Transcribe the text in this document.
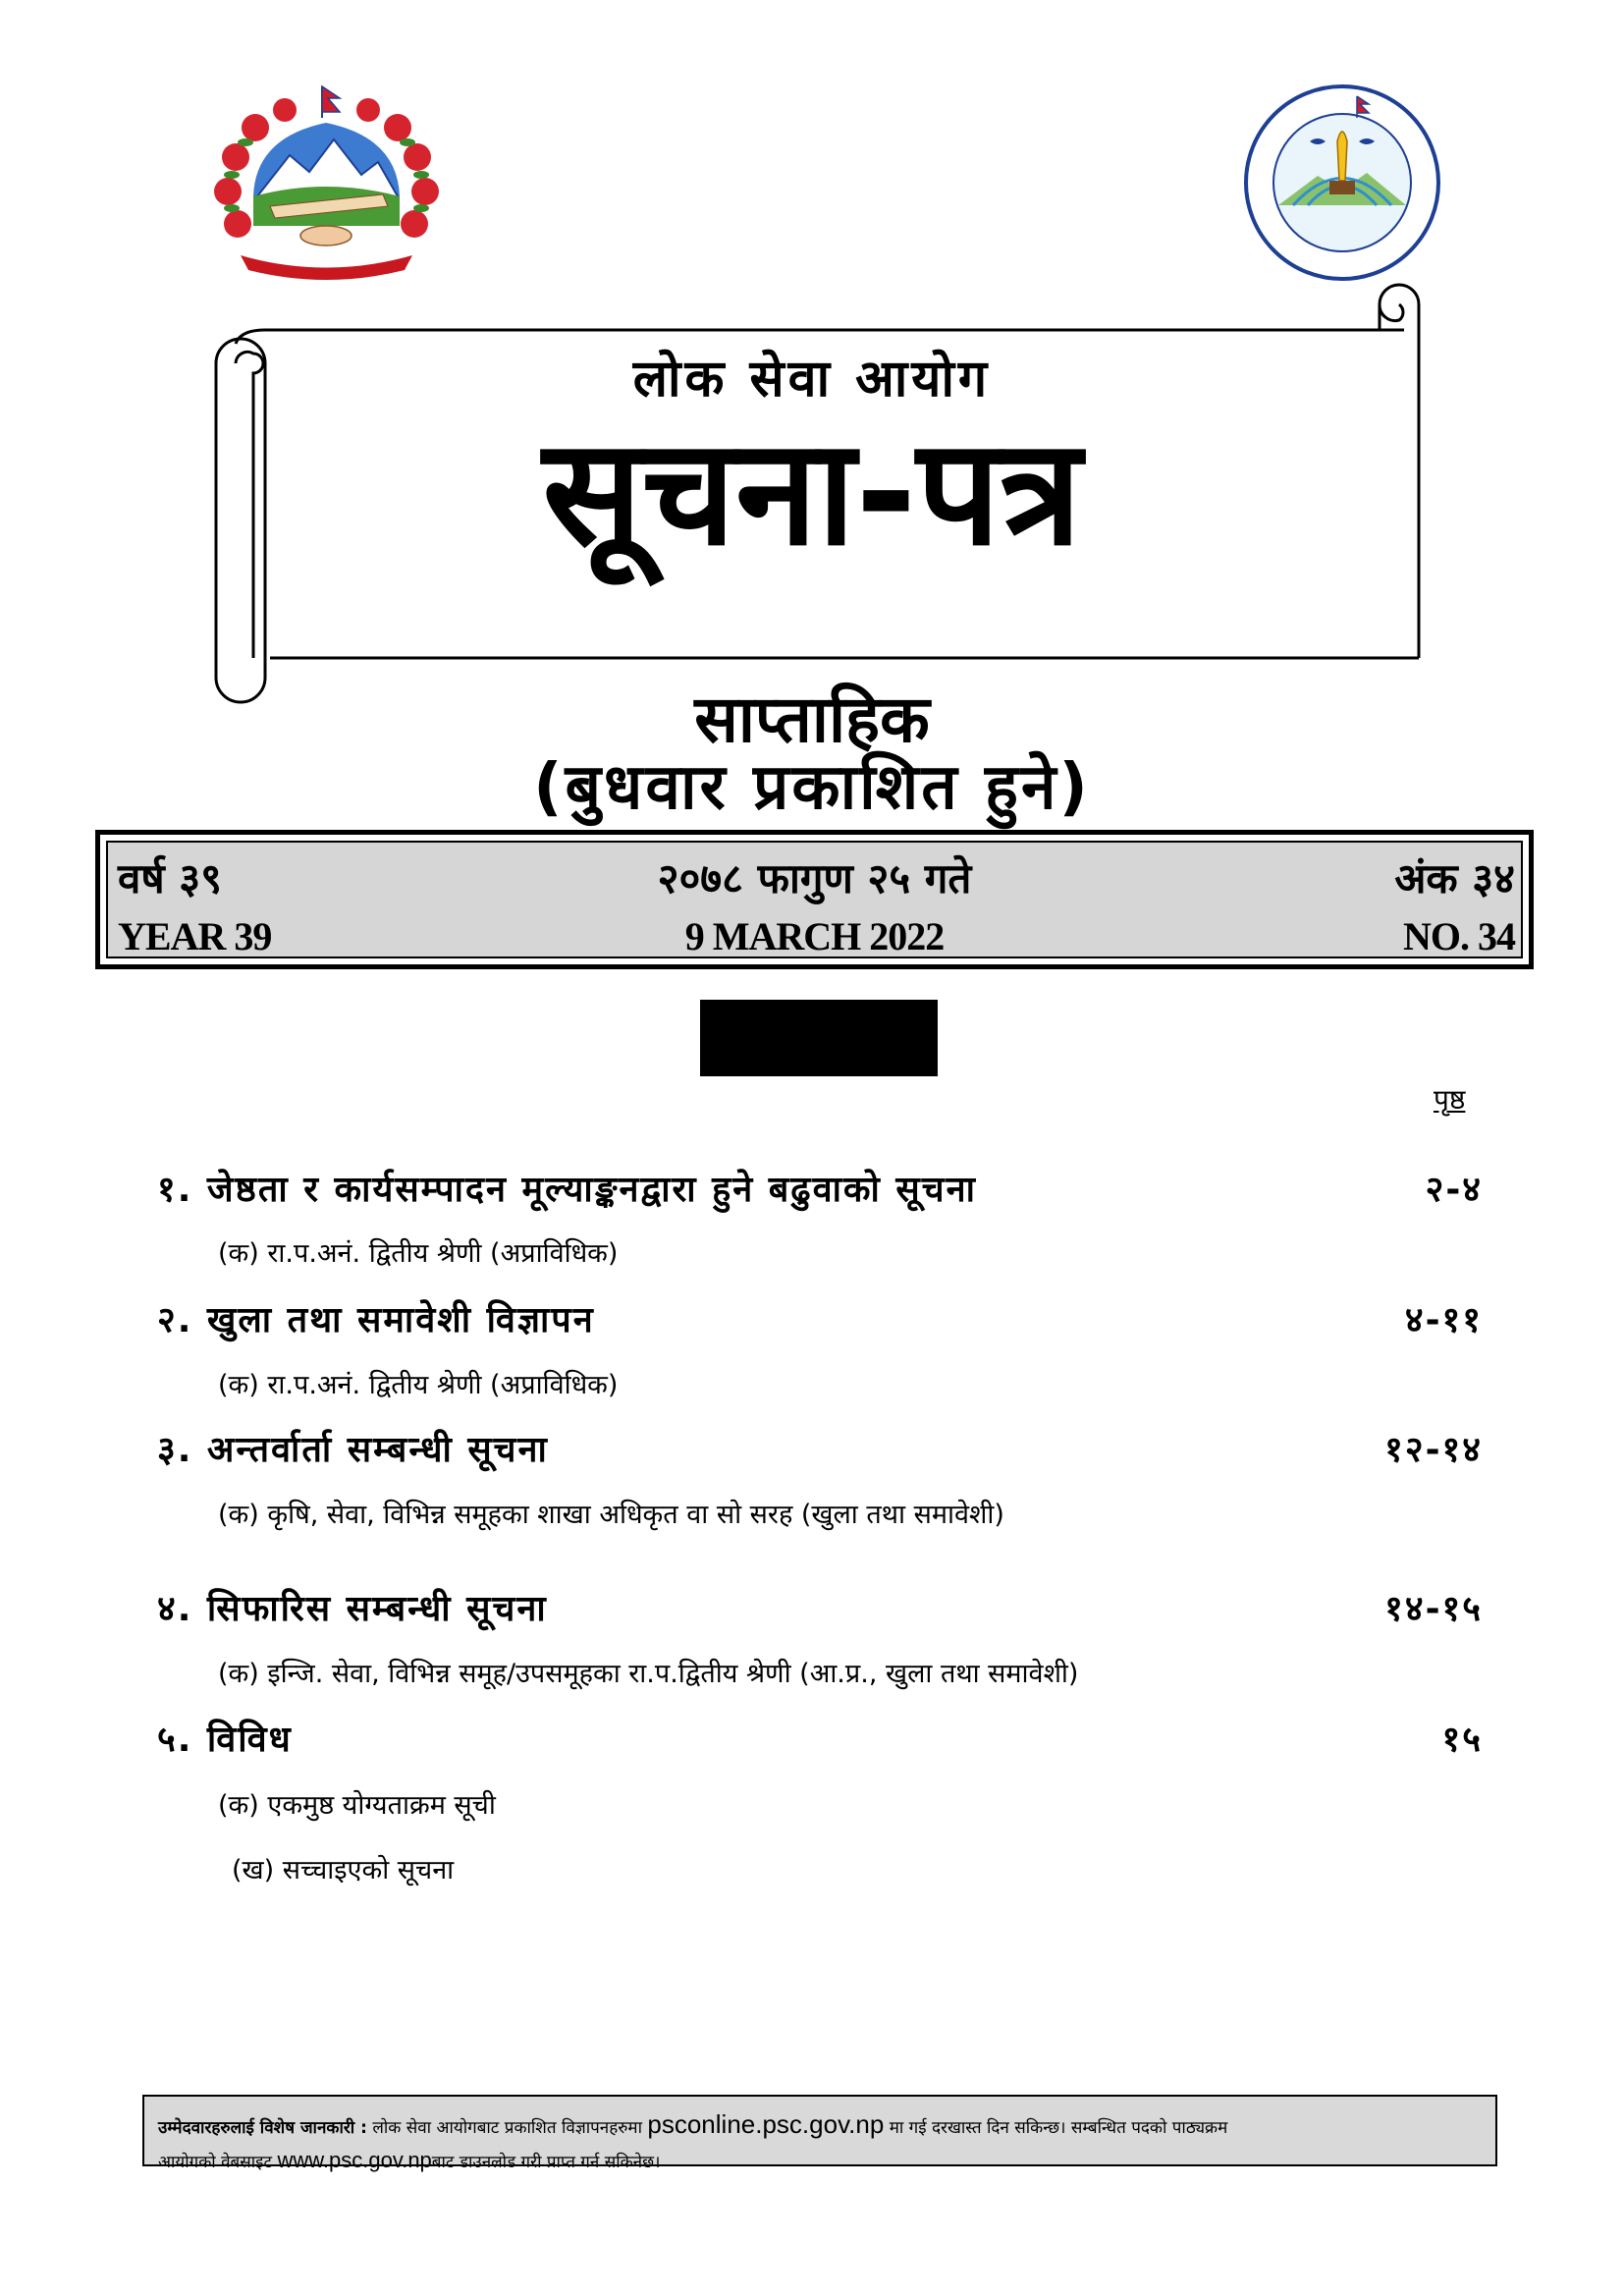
लोक सेवा आयोग
सूचना-पत्र
साप्ताहिक
(बुधवार प्रकाशित हुने)
वर्ष ३९	२०७८ फागुण २५ गते	अंक ३४
YEAR 39	9 MARCH 2022	NO. 34
पृष्ठ
१. जेष्ठता र कार्यसम्पादन मूल्याङ्कनद्वारा हुने बढुवाको सूचना	२-४
(क) रा.प.अनं. द्वितीय श्रेणी (अप्राविधिक)
२. खुला तथा समावेशी विज्ञापन	४-११
(क) रा.प.अनं. द्वितीय श्रेणी (अप्राविधिक)
३. अन्तर्वार्ता सम्बन्धी सूचना	१२-१४
(क) कृषि, सेवा, विभिन्न समूहका शाखा अधिकृत वा सो सरह (खुला तथा समावेशी)
४. सिफारिस सम्बन्धी सूचना	१४-१५
(क) इन्जि. सेवा, विभिन्न समूह/उपसमूहका रा.प.द्वितीय श्रेणी (आ.प्र., खुला तथा समावेशी)
५. विविध	१५
(क) एकमुष्ठ योग्यताक्रम सूची
(ख) सच्चाइएको सूचना
उम्मेदवारहरुलाई विशेष जानकारी : लोक सेवा आयोगबाट प्रकाशित विज्ञापनहरुमा psconline.psc.gov.np मा गई दरखास्त दिन सकिन्छ। सम्बन्धित पदको पाठ्यक्रम
आयोगको वेबसाइट www.psc.gov.npबाट डाउनलोड गरी प्राप्त गर्न सकिनेछ।
